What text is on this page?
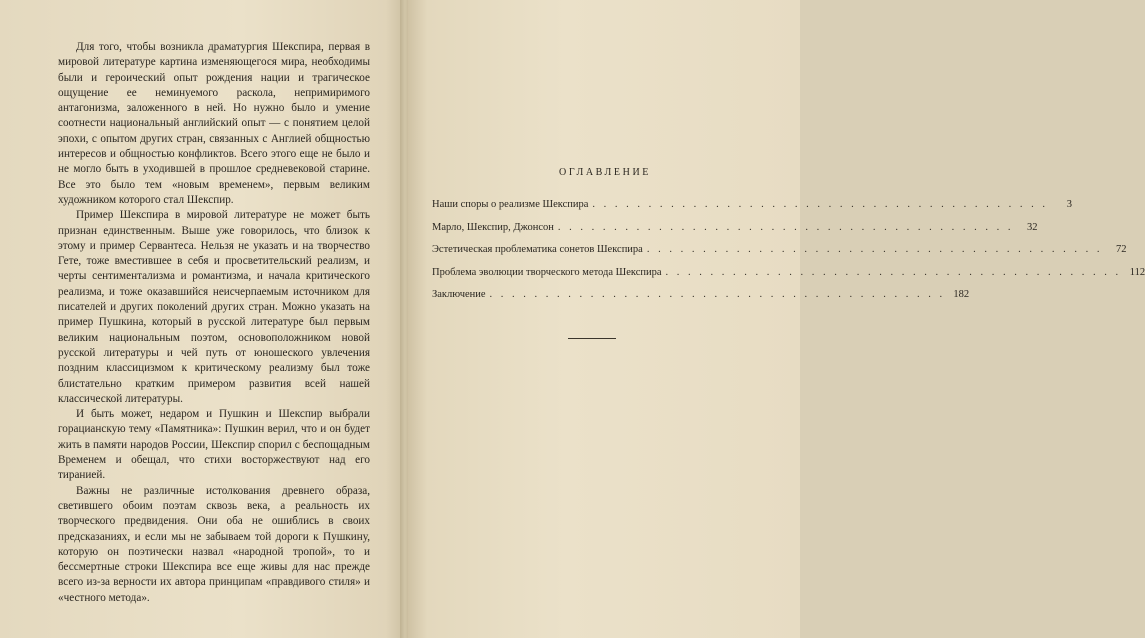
Для того, чтобы возникла драматургия Шекспира, первая в мировой литературе картина изменяющегося мира, необходимы были и героический опыт рождения нации и трагическое ощущение ее неминуемого раскола, непримиримого антагонизма, заложенного в ней. Но нужно было и умение соотнести национальный английский опыт — с понятием целой эпохи, с опытом других стран, связанных с Англией общностью интересов и общностью конфликтов. Всего этого еще не было и не могло быть в уходившей в прошлое средневековой старине. Все это было тем «новым временем», первым великим художником которого стал Шекспир.

Пример Шекспира в мировой литературе не может быть признан единственным. Выше уже говорилось, что близок к этому и пример Сервантеса. Нельзя не указать и на творчество Гете, тоже вместившее в себя и просветительский реализм, и черты сентиментализма и романтизма, и начала критического реализма, и тоже оказавшийся неисчерпаемым источником для писателей и других поколений других стран. Можно указать на пример Пушкина, который в русской литературе был первым великим национальным поэтом, основоположником новой русской литературы и чей путь от юношеского увлечения поздним классицизмом к критическому реализму был тоже блистательно кратким примером развития всей нашей классической литературы.

И быть может, недаром и Пушкин и Шекспир выбрали горацианскую тему «Памятника»: Пушкин верил, что и он будет жить в памяти народов России, Шекспир спорил с беспощадным Временем и обещал, что стихи восторжествуют над его тиранией.

Важны не различные истолкования древнего образа, светившего обоим поэтам сквозь века, а реальность их творческого предвидения. Они оба не ошиблись в своих предсказаниях, и если мы не забываем той дороги к Пушкину, которую он поэтически назвал «народной тропой», то и бессмертные строки Шекспира все еще живы для нас прежде всего из-за верности их автора принципам «правдивого стиля» и «честного метода».

ОГЛАВЛЕНИЕ
Наши споры о реализме Шекспира . . . . . . . . . . . . . . . . . . . . . . . . . . . . . . . . . . . . . . . . .	3
Марло, Шекспир, Джонсон . . . . . . . . . . . . . . . . . . . . . . . . . . . . . . . . . . . . . . . . .	32
Эстетическая проблематика сонетов Шекспира . . . . . . . . . . . . . . . . . . . . . . . . . . . . . . . . . . . . . . . . .	72
Проблема эволюции творческого метода Шекспира . . . . . . . . . . . . . . . . . . . . . . . . . . . . . . . . . . . . . . . . . 112
Заключение . . . . . . . . . . . . . . . . . . . . . . . . . . . . . . . . . . . . . . . . . 182
